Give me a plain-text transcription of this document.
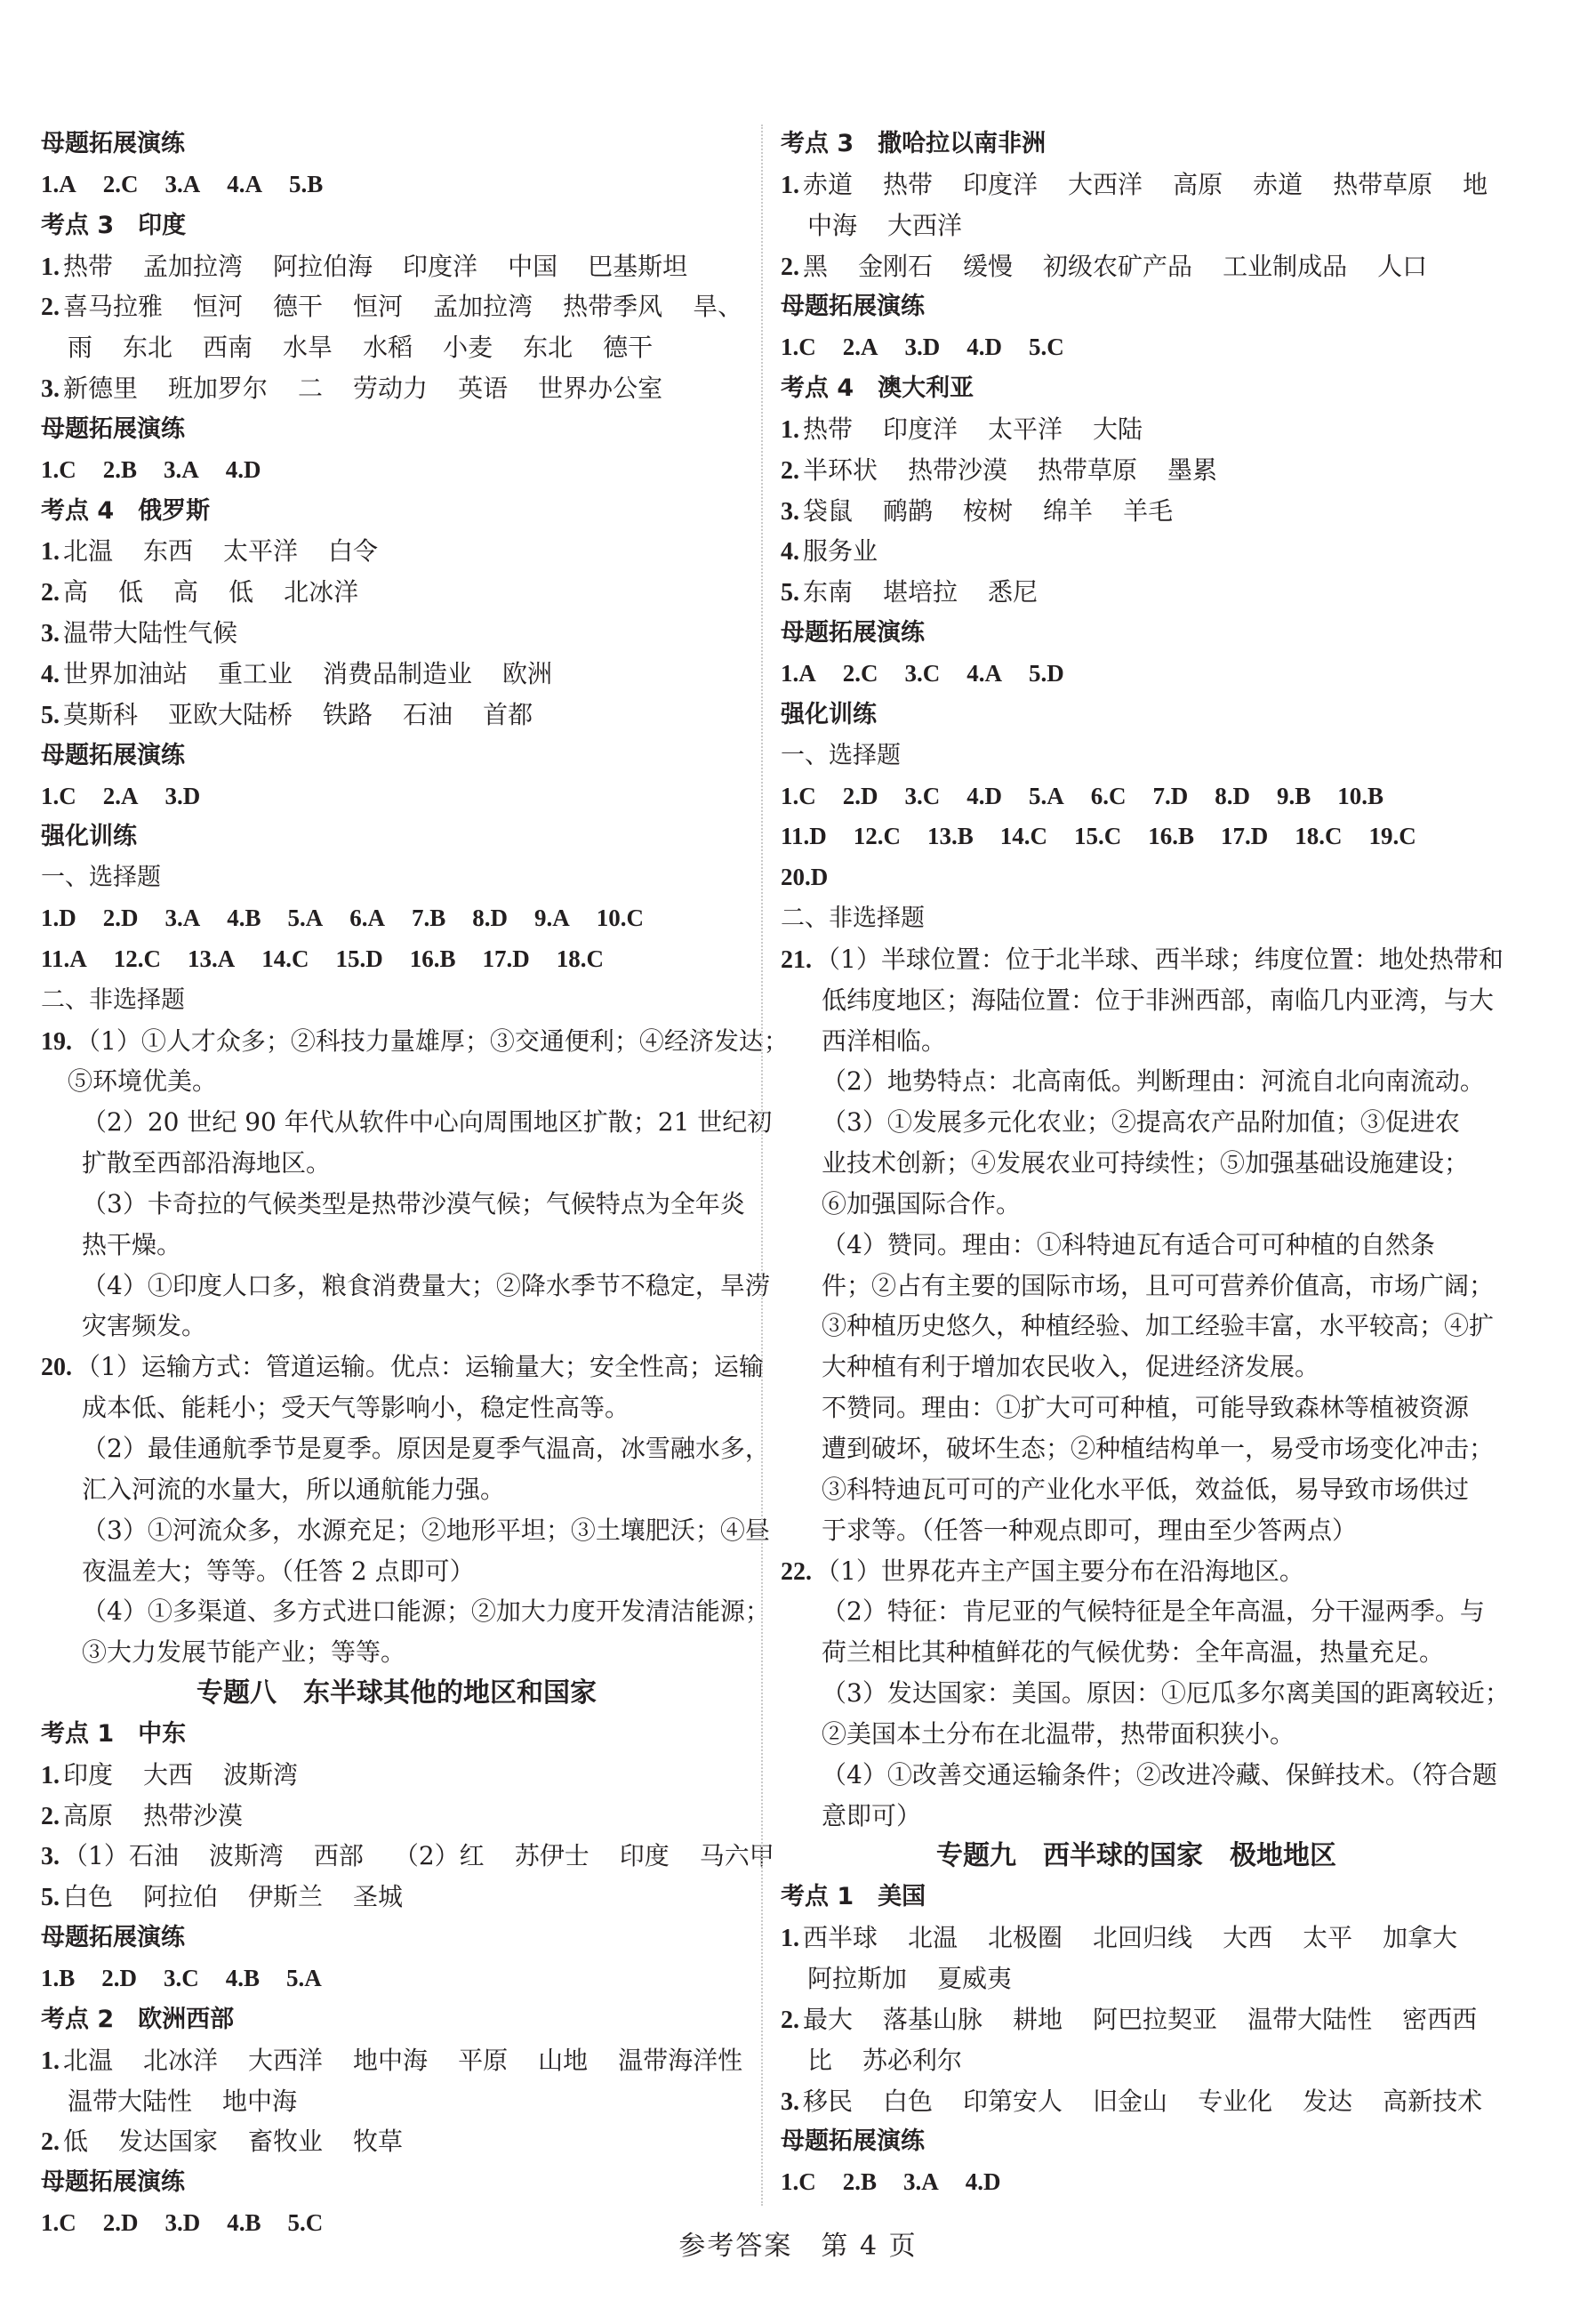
母题拓展演练
1.A 2.C 3.A 4.A 5.B
考点 3　印度
1. 热带 孟加拉湾 阿拉伯海 印度洋 中国 巴基斯坦
2. 喜马拉雅 恒河 德干 恒河 孟加拉湾 热带季风 旱、
雨 东北 西南 水旱 水稻 小麦 东北 德干
3. 新德里 班加罗尔 二 劳动力 英语 世界办公室
母题拓展演练
1.C 2.B 3.A 4.D
考点 4　俄罗斯
1. 北温 东西 太平洋 白令
2. 高 低 高 低 北冰洋
3. 温带大陆性气候
4. 世界加油站 重工业 消费品制造业 欧洲
5. 莫斯科 亚欧大陆桥 铁路 石油 首都
母题拓展演练
1.C 2.A 3.D
强化训练
一、选择题
1.D 2.D 3.A 4.B 5.A 6.A 7.B 8.D 9.A 10.C
11.A 12.C 13.A 14.C 15.D 16.B 17.D 18.C
二、非选择题
19. （1）①人才众多；②科技力量雄厚；③交通便利；④经济发达；
⑤环境优美。
（2）20 世纪 90 年代从软件中心向周围地区扩散；21 世纪初
扩散至西部沿海地区。
（3）卡奇拉的气候类型是热带沙漠气候；气候特点为全年炎
热干燥。
（4）①印度人口多，粮食消费量大；②降水季节不稳定，旱涝
灾害频发。
20. （1）运输方式：管道运输。优点：运输量大；安全性高；运输
成本低、能耗小；受天气等影响小，稳定性高等。
（2）最佳通航季节是夏季。原因是夏季气温高，冰雪融水多，
汇入河流的水量大，所以通航能力强。
（3）①河流众多，水源充足；②地形平坦；③土壤肥沃；④昼
夜温差大；等等。（任答 2 点即可）
（4）①多渠道、多方式进口能源；②加大力度开发清洁能源；
③大力发展节能产业；等等。
专题八　东半球其他的地区和国家
考点 1　中东
1. 印度 大西 波斯湾
2. 高原 热带沙漠
3. （1）石油 波斯湾 西部 （2）红 苏伊士 印度 马六甲
5. 白色 阿拉伯 伊斯兰 圣城
母题拓展演练
1.B 2.D 3.C 4.B 5.A
考点 2　欧洲西部
1. 北温 北冰洋 大西洋 地中海 平原 山地 温带海洋性
温带大陆性 地中海
2. 低 发达国家 畜牧业 牧草
母题拓展演练
1.C 2.D 3.D 4.B 5.C
考点 3　撒哈拉以南非洲
1. 赤道 热带 印度洋 大西洋 高原 赤道 热带草原 地
中海 大西洋
2. 黑 金刚石 缓慢 初级农矿产品 工业制成品 人口
母题拓展演练
1.C 2.A 3.D 4.D 5.C
考点 4　澳大利亚
1. 热带 印度洋 太平洋 大陆
2. 半环状 热带沙漠 热带草原 墨累
3. 袋鼠 鸸鹋 桉树 绵羊 羊毛
4. 服务业
5. 东南 堪培拉 悉尼
母题拓展演练
1.A 2.C 3.C 4.A 5.D
强化训练
一、选择题
1.C 2.D 3.C 4.D 5.A 6.C 7.D 8.D 9.B 10.B
11.D 12.C 13.B 14.C 15.C 16.B 17.D 18.C 19.C
20.D
二、非选择题
21. （1）半球位置：位于北半球、西半球；纬度位置：地处热带和
低纬度地区；海陆位置：位于非洲西部，南临几内亚湾，与大
西洋相临。
（2）地势特点：北高南低。判断理由：河流自北向南流动。
（3）①发展多元化农业；②提高农产品附加值；③促进农
业技术创新；④发展农业可持续性；⑤加强基础设施建设；
⑥加强国际合作。
（4）赞同。理由：①科特迪瓦有适合可可种植的自然条
件；②占有主要的国际市场，且可可营养价值高，市场广阔；
③种植历史悠久，种植经验、加工经验丰富，水平较高；④扩
大种植有利于增加农民收入，促进经济发展。
不赞同。理由：①扩大可可种植，可能导致森林等植被资源
遭到破坏，破坏生态；②种植结构单一，易受市场变化冲击；
③科特迪瓦可可的产业化水平低，效益低，易导致市场供过
于求等。（任答一种观点即可，理由至少答两点）
22. （1）世界花卉主产国主要分布在沿海地区。
（2）特征：肯尼亚的气候特征是全年高温，分干湿两季。与
荷兰相比其种植鲜花的气候优势：全年高温，热量充足。
（3）发达国家：美国。原因：①厄瓜多尔离美国的距离较近；
②美国本土分布在北温带，热带面积狭小。
（4）①改善交通运输条件；②改进冷藏、保鲜技术。（符合题
意即可）
专题九　西半球的国家　极地地区
考点 1　美国
1. 西半球 北温 北极圈 北回归线 大西 太平 加拿大
阿拉斯加 夏威夷
2. 最大 落基山脉 耕地 阿巴拉契亚 温带大陆性 密西西
比 苏必利尔
3. 移民 白色 印第安人 旧金山 专业化 发达 高新技术
母题拓展演练
1.C 2.B 3.A 4.D
参考答案　第 4 页
